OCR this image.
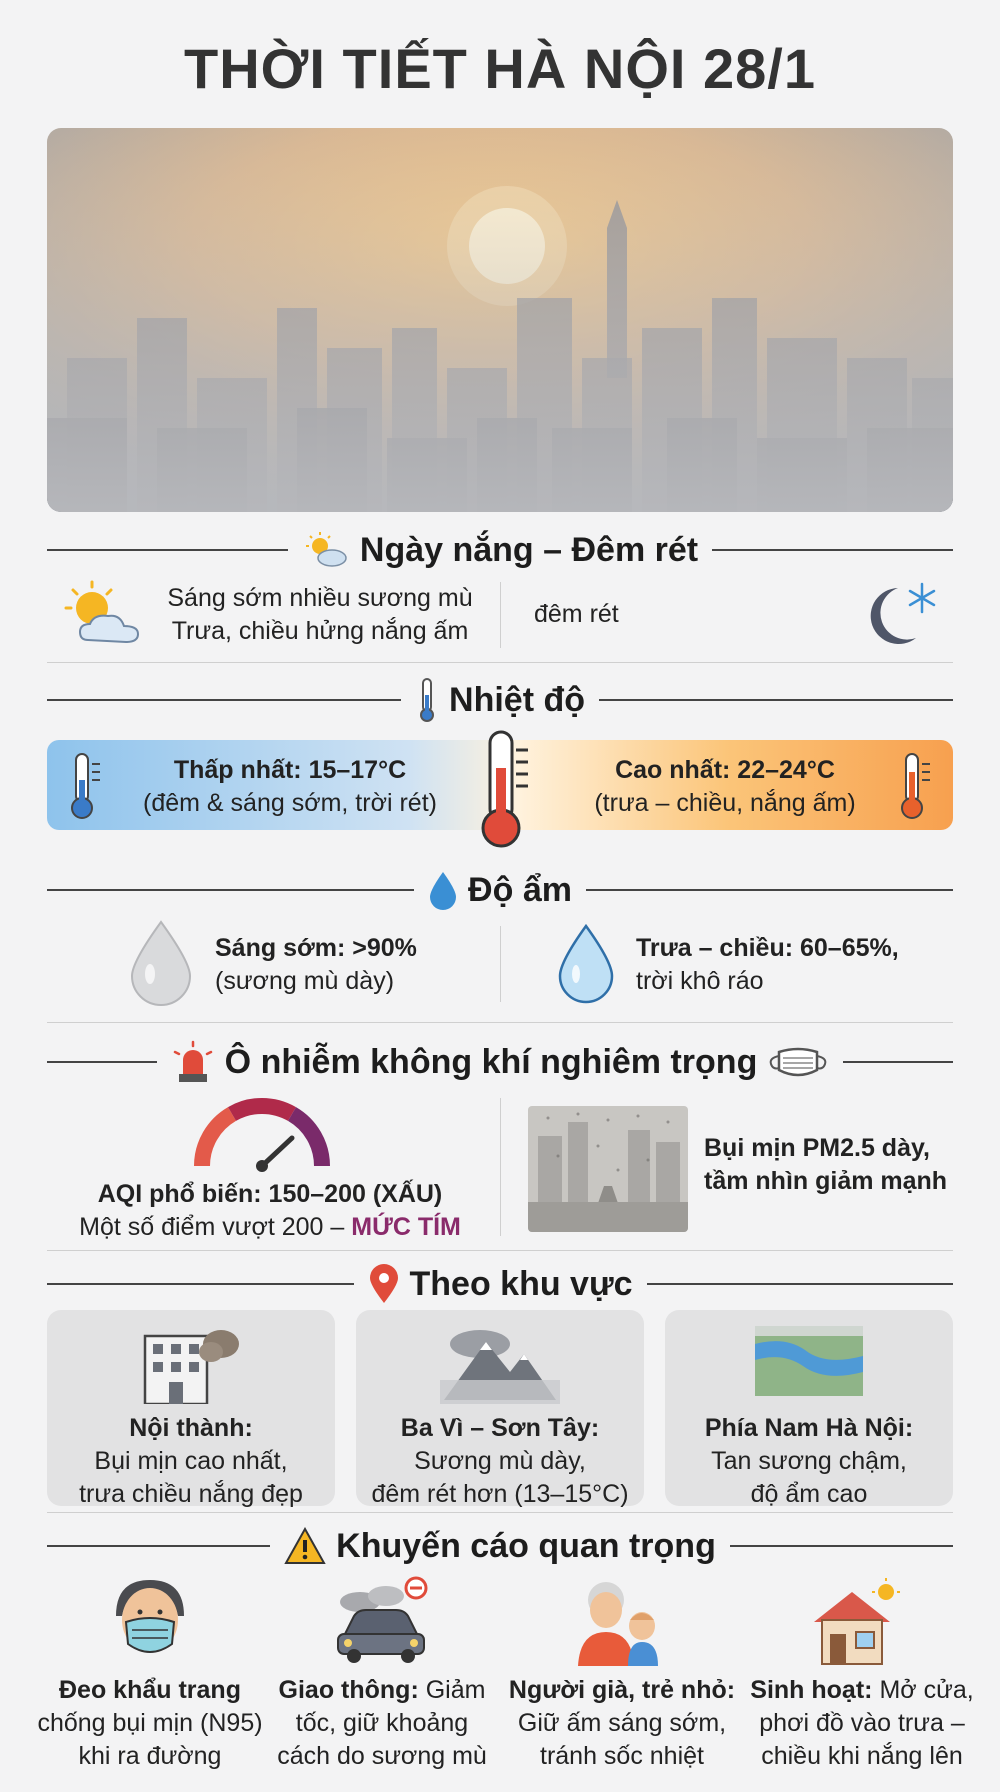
THỜI TIẾT HÀ NỘI 28/1
Ngày nắng – Đêm rét
Sáng sớm nhiều sương mù
Trưa, chiều hửng nắng ấm
đêm rét
Nhiệt độ
Thấp nhất: 15–17°C
(đêm & sáng sớm, trời rét)
Cao nhất: 22–24°C
(trưa – chiều, nắng ấm)
Độ ẩm
Sáng sớm: >90%
(sương mù dày)
Trưa – chiều: 60–65%,
trời khô ráo
Ô nhiễm không khí nghiêm trọng
AQI phổ biến: 150–200 (XẤU)
Một số điểm vượt 200 – MỨC TÍM
Bụi mịn PM2.5 dày,
tầm nhìn giảm mạnh
Theo khu vực
Nội thành:
Bụi mịn cao nhất,
trưa chiều nắng đẹp
Ba Vì – Sơn Tây:
Sương mù dày,
đêm rét hơn (13–15°C)
Phía Nam Hà Nội:
Tan sương chậm,
độ ẩm cao
Khuyến cáo quan trọng
Đeo khẩu trang
chống bụi mịn (N95)
khi ra đường
Giao thông: Giảm
tốc, giữ khoảng
cách do sương mù
Người già, trẻ nhỏ:
Giữ ấm sáng sớm,
tránh sốc nhiệt
Sinh hoạt: Mở cửa,
phơi đồ vào trưa –
chiều khi nắng lên
